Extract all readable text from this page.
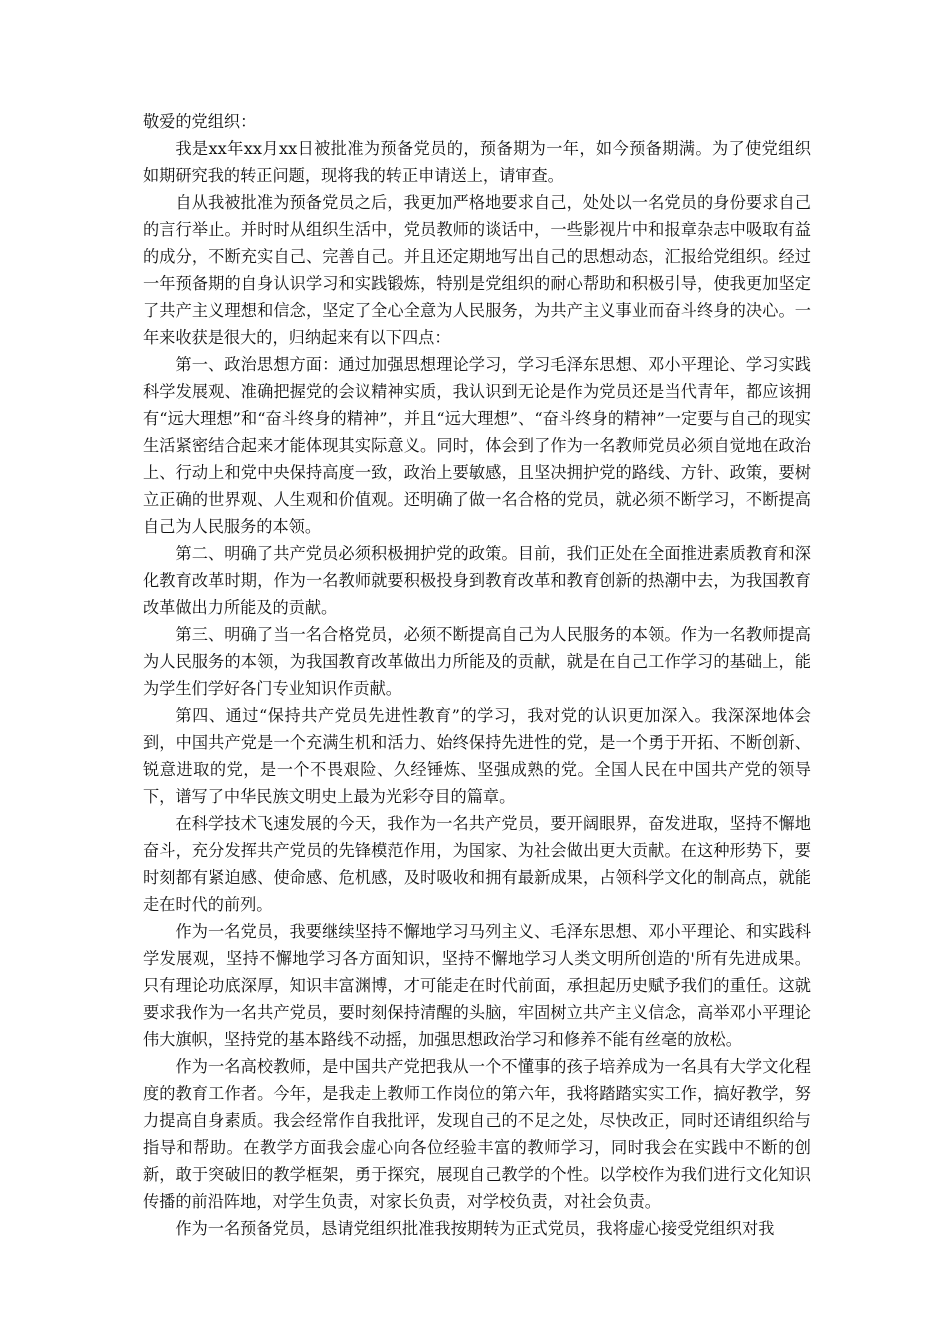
敬爱的党组织：

我是xx年xx月xx日被批准为预备党员的，预备期为一年，如今预备期满。为了使党组织如期研究我的转正问题，现将我的转正申请送上，请审查。

自从我被批准为预备党员之后，我更加严格地要求自己，处处以一名党员的身份要求自己的言行举止。并时时从组织生活中，党员教师的谈话中，一些影视片中和报章杂志中吸取有益的成分，不断充实自己、完善自己。并且还定期地写出自己的思想动态，汇报给党组织。经过一年预备期的自身认识学习和实践锻炼，特别是党组织的耐心帮助和积极引导，使我更加坚定了共产主义理想和信念，坚定了全心全意为人民服务，为共产主义事业而奋斗终身的决心。一年来收获是很大的，归纳起来有以下四点：

第一、政治思想方面：通过加强思想理论学习，学习毛泽东思想、邓小平理论、学习实践科学发展观、准确把握党的会议精神实质，我认识到无论是作为党员还是当代青年，都应该拥有“远大理想”和“奋斗终身的精神”，并且“远大理想”、“奋斗终身的精神”一定要与自己的现实生活紧密结合起来才能体现其实际意义。同时，体会到了作为一名教师党员必须自觉地在政治上、行动上和党中央保持高度一致，政治上要敏感，且坚决拥护党的路线、方针、政策，要树立正确的世界观、人生观和价值观。还明确了做一名合格的党员，就必须不断学习，不断提高自己为人民服务的本领。

第二、明确了共产党员必须积极拥护党的政策。目前，我们正处在全面推进素质教育和深化教育改革时期，作为一名教师就要积极投身到教育改革和教育创新的热潮中去，为我国教育改革做出力所能及的贡献。

第三、明确了当一名合格党员，必须不断提高自己为人民服务的本领。作为一名教师提高为人民服务的本领，为我国教育改革做出力所能及的贡献，就是在自己工作学习的基础上，能为学生们学好各门专业知识作贡献。

第四、通过“保持共产党员先进性教育”的学习，我对党的认识更加深入。我深深地体会到，中国共产党是一个充满生机和活力、始终保持先进性的党，是一个勇于开拓、不断创新、锐意进取的党，是一个不畏艰险、久经锤炼、坚强成熟的党。全国人民在中国共产党的领导下，谱写了中华民族文明史上最为光彩夺目的篇章。

在科学技术飞速发展的今天，我作为一名共产党员，要开阔眼界，奋发进取，坚持不懈地奋斗，充分发挥共产党员的先锋模范作用，为国家、为社会做出更大贡献。在这种形势下，要时刻都有紧迫感、使命感、危机感，及时吸收和拥有最新成果，占领科学文化的制高点，就能走在时代的前列。

作为一名党员，我要继续坚持不懈地学习马列主义、毛泽东思想、邓小平理论、和实践科学发展观，坚持不懈地学习各方面知识，坚持不懈地学习人类文明所创造的'所有先进成果。只有理论功底深厚，知识丰富渊博，才可能走在时代前面，承担起历史赋予我们的重任。这就要求我作为一名共产党员，要时刻保持清醒的头脑，牢固树立共产主义信念，高举邓小平理论伟大旗帜，坚持党的基本路线不动摇，加强思想政治学习和修养不能有丝毫的放松。

作为一名高校教师，是中国共产党把我从一个不懂事的孩子培养成为一名具有大学文化程度的教育工作者。今年，是我走上教师工作岗位的第六年，我将踏踏实实工作，搞好教学，努力提高自身素质。我会经常作自我批评，发现自己的不足之处，尽快改正，同时还请组织给与指导和帮助。在教学方面我会虚心向各位经验丰富的教师学习，同时我会在实践中不断的创新，敢于突破旧的教学框架，勇于探究，展现自己教学的个性。以学校作为我们进行文化知识传播的前沿阵地，对学生负责，对家长负责，对学校负责，对社会负责。

作为一名预备党员，恳请党组织批准我按期转为正式党员，我将虚心接受党组织对我
